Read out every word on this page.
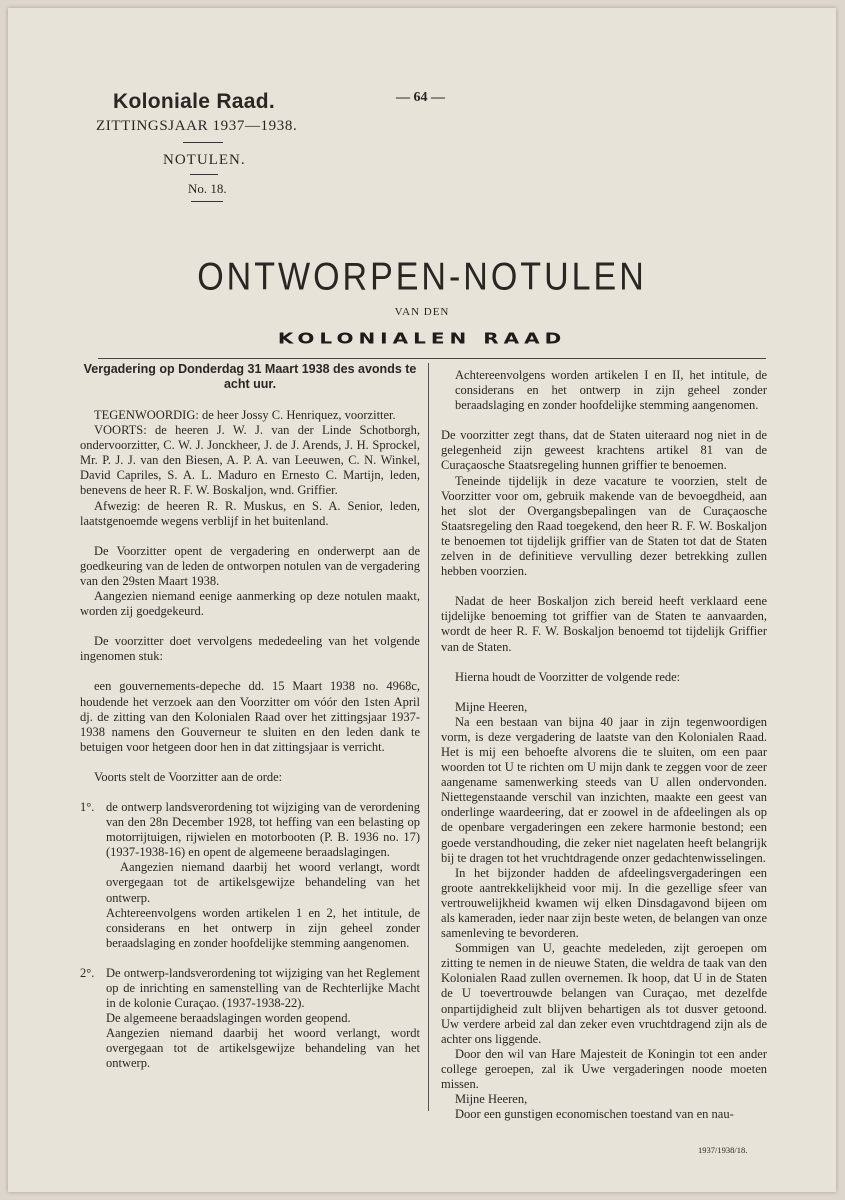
Koloniale Raad.
ZITTINGSJAAR 1937—1938.
NOTULEN.
No. 18.
— 64 —
ONTWORPEN-NOTULEN
VAN DEN
KOLONIALEN RAAD

Vergadering op Donderdag 31 Maart 1938 des avonds te acht uur.

TEGENWOORDIG: de heer Jossy C. Henriquez, voorzitter.

VOORTS: de heeren J. W. J. van der Linde Schotborgh, ondervoorzitter, C. W. J. Jonckheer, J. de J. Arends, J. H. Sprockel, Mr. P. J. J. van den Biesen, A. P. A. van Leeuwen, C. N. Winkel, David Capriles, S. A. L. Maduro en Ernesto C. Martijn, leden, benevens de heer R. F. W. Boskaljon, wnd. Griffier.

Afwezig: de heeren R. R. Muskus, en S. A. Senior, leden, laatstgenoemde wegens verblijf in het buitenland.

De Voorzitter opent de vergadering en onderwerpt aan de goedkeuring van de leden de ontworpen notulen van de vergadering van den 29sten Maart 1938.

Aangezien niemand eenige aanmerking op deze notulen maakt, worden zij goedgekeurd.

De voorzitter doet vervolgens mededeeling van het volgende ingenomen stuk:

een gouvernements-depeche dd. 15 Maart 1938 no. 4968c, houdende het verzoek aan den Voorzitter om vóór den 1sten April dj. de zitting van den Kolonialen Raad over het zittingsjaar 1937-1938 namens den Gouverneur te sluiten en den leden dank te betuigen voor hetgeen door hen in dat zittingsjaar is verricht.

Voorts stelt de Voorzitter aan de orde:

1°. de ontwerp landsverordening tot wijziging van de verordening van den 28n December 1928, tot heffing van een belasting op motorrijtuigen, rijwielen en motorbooten (P. B. 1936 no. 17) (1937-1938-16) en opent de algemeene beraadslagingen.

Aangezien niemand daarbij het woord verlangt, wordt overgegaan tot de artikelsgewijze behandeling van het ontwerp.

Achtereenvolgens worden artikelen 1 en 2, het intitule, de considerans en het ontwerp in zijn geheel zonder beraadslaging en zonder hoofdelijke stemming aangenomen.

2°. De ontwerp-landsverordening tot wijziging van het Reglement op de inrichting en samenstelling van de Rechterlijke Macht in de kolonie Curaçao. (1937-1938-22).

De algemeene beraadslagingen worden geopend.

Aangezien niemand daarbij het woord verlangt, wordt overgegaan tot de artikelsgewijze behandeling van het ontwerp.

Achtereenvolgens worden artikelen I en II, het intitule, de considerans en het ontwerp in zijn geheel zonder beraadslaging en zonder hoofdelijke stemming aangenomen.

De voorzitter zegt thans, dat de Staten uiteraard nog niet in de gelegenheid zijn geweest krachtens artikel 81 van de Curaçaosche Staatsregeling hunnen griffier te benoemen.

Teneinde tijdelijk in deze vacature te voorzien, stelt de Voorzitter voor om, gebruik makende van de bevoegdheid, aan het slot der Overgangsbepalingen van de Curaçaosche Staatsregeling den Raad toegekend, den heer R. F. W. Boskaljon te benoemen tot tijdelijk griffier van de Staten tot dat de Staten zelven in de definitieve vervulling dezer betrekking zullen hebben voorzien.

Nadat de heer Boskaljon zich bereid heeft verklaard eene tijdelijke benoeming tot griffier van de Staten te aanvaarden, wordt de heer R. F. W. Boskaljon benoemd tot tijdelijk Griffier van de Staten.

Hierna houdt de Voorzitter de volgende rede:

Mijne Heeren,

Na een bestaan van bijna 40 jaar in zijn tegenwoordigen vorm, is deze vergadering de laatste van den Kolonialen Raad. Het is mij een behoefte alvorens die te sluiten, om een paar woorden tot U te richten om U mijn dank te zeggen voor de zeer aangename samenwerking steeds van U allen ondervonden. Niettegenstaande verschil van inzichten, maakte een geest van onderlinge waardeering, dat er zoowel in de afdeelingen als op de openbare vergaderingen een zekere harmonie bestond; een goede verstandhouding, die zeker niet nagelaten heeft belangrijk bij te dragen tot het vruchtdragende onzer gedachtenwisselingen.

In het bijzonder hadden de afdeelingsvergaderingen een groote aantrekkelijkheid voor mij. In die gezellige sfeer van vertrouwelijkheid kwamen wij elken Dinsdagavond bijeen om als kameraden, ieder naar zijn beste weten, de belangen van onze samenleving te bevorderen.

Sommigen van U, geachte medeleden, zijt geroepen om zitting te nemen in de nieuwe Staten, die weldra de taak van den Kolonialen Raad zullen overnemen. Ik hoop, dat U in de Staten de U toevertrouwde belangen van Curaçao, met dezelfde onpartijdigheid zult blijven behartigen als tot dusver getoond. Uw verdere arbeid zal dan zeker even vruchtdragend zijn als de achter ons liggende.

Door den wil van Hare Majesteit de Koningin tot een ander college geroepen, zal ik Uwe vergaderingen noode moeten missen.

Mijne Heeren,

Door een gunstigen economischen toestand van en nau-

1937/1938/18.
